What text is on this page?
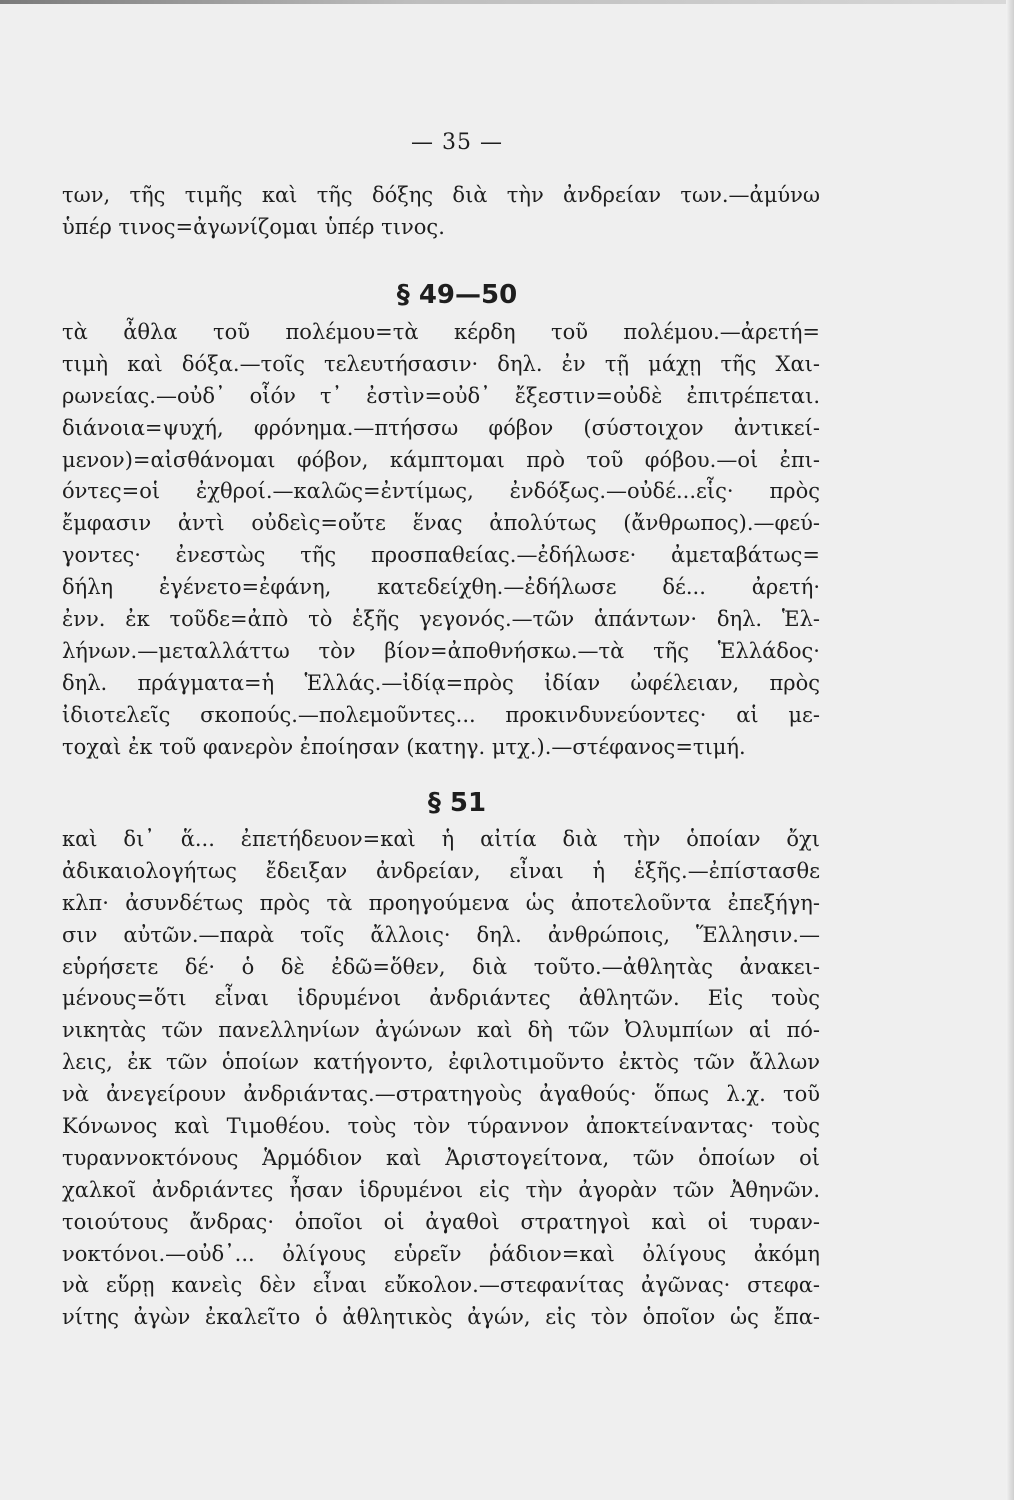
— 35 —
των, τῆς τιμῆς καὶ τῆς δόξης διὰ τὴν ἀνδρείαν των.—ἀμύνω
ὑπέρ τινος=ἀγωνίζομαι ὑπέρ τινος.
§ 49—50
τὰ ἆθλα τοῦ πολέμου=τὰ κέρδη τοῦ πολέμου.—ἀρετή=
τιμὴ καὶ δόξα.—τοῖς τελευτήσασιν· δηλ. ἐν τῇ μάχῃ τῆς Χαι-
ρωνείας.—οὐδ᾽ οἷόν τ᾽ ἐστὶν=οὐδ᾽ ἔξεστιν=οὐδὲ ἐπιτρέπεται.
διάνοια=ψυχή, φρόνημα.—πτήσσω φόβον (σύστοιχον ἀντικεί-
μενον)=αἰσθάνομαι φόβον, κάμπτομαι πρὸ τοῦ φόβου.—οἱ ἐπι-
όντες=οἱ ἐχθροί.—καλῶς=ἐντίμως, ἐνδόξως.—οὐδέ...εἷς· πρὸς
ἔμφασιν ἀντὶ οὐδεὶς=οὔτε ἕνας ἀπολύτως (ἄνθρωπος).—φεύ-
γοντες· ἐνεστὼς τῆς προσπαθείας.—ἐδήλωσε· ἀμεταβάτως=
δήλη ἐγένετο=ἐφάνη, κατεδείχθη.—ἐδήλωσε δέ... ἀρετή·
ἐνν. ἐκ τοῦδε=ἀπὸ τὸ ἑξῆς γεγονός.—τῶν ἁπάντων· δηλ. Ἑλ-
λήνων.—μεταλλάττω τὸν βίον=ἀποθνήσκω.—τὰ τῆς Ἑλλάδος·
δηλ. πράγματα=ἡ Ἑλλάς.—ἰδίᾳ=πρὸς ἰδίαν ὠφέλειαν, πρὸς
ἰδιοτελεῖς σκοπούς.—πολεμοῦντες... προκινδυνεύοντες· αἱ με-
τοχαὶ ἐκ τοῦ φανερὸν ἐποίησαν (κατηγ. μτχ.).—στέφανος=τιμή.
§ 51
καὶ δι᾽ ἅ... ἐπετήδευον=καὶ ἡ αἰτία διὰ τὴν ὁποίαν ὄχι
ἀδικαιολογήτως ἔδειξαν ἀνδρείαν, εἶναι ἡ ἑξῆς.—ἐπίστασθε
κλπ· ἀσυνδέτως πρὸς τὰ προηγούμενα ὡς ἀποτελοῦντα ἐπεξήγη-
σιν αὐτῶν.—παρὰ τοῖς ἄλλοις· δηλ. ἀνθρώποις, Ἕλλησιν.—
εὑρήσετε δέ· ὁ δὲ ἐδῶ=ὅθεν, διὰ τοῦτο.—ἀθλητὰς ἀνακει-
μένους=ὅτι εἶναι ἱδρυμένοι ἀνδριάντες ἀθλητῶν. Εἰς τοὺς
νικητὰς τῶν πανελληνίων ἀγώνων καὶ δὴ τῶν Ὀλυμπίων αἱ πό-
λεις, ἐκ τῶν ὁποίων κατήγοντο, ἐφιλοτιμοῦντο ἐκτὸς τῶν ἄλλων
νὰ ἀνεγείρουν ἀνδριάντας.—στρατηγοὺς ἀγαθούς· ὅπως λ.χ. τοῦ
Κόνωνος καὶ Τιμοθέου. τοὺς τὸν τύραννον ἀποκτείναντας· τοὺς
τυραννοκτόνους Ἁρμόδιον καὶ Ἀριστογείτονα, τῶν ὁποίων οἱ
χαλκοῖ ἀνδριάντες ἦσαν ἱδρυμένοι εἰς τὴν ἀγορὰν τῶν Ἀθηνῶν.
τοιούτους ἄνδρας· ὁποῖοι οἱ ἀγαθοὶ στρατηγοὶ καὶ οἱ τυραν-
νοκτόνοι.—οὐδ᾽... ὀλίγους εὑρεῖν ῥάδιον=καὶ ὀλίγους ἀκόμη
νὰ εὕρῃ κανεὶς δὲν εἶναι εὔκολον.—στεφανίτας ἀγῶνας· στεφα-
νίτης ἀγὼν ἐκαλεῖτο ὁ ἀθλητικὸς ἀγών, εἰς τὸν ὁποῖον ὡς ἔπα-
